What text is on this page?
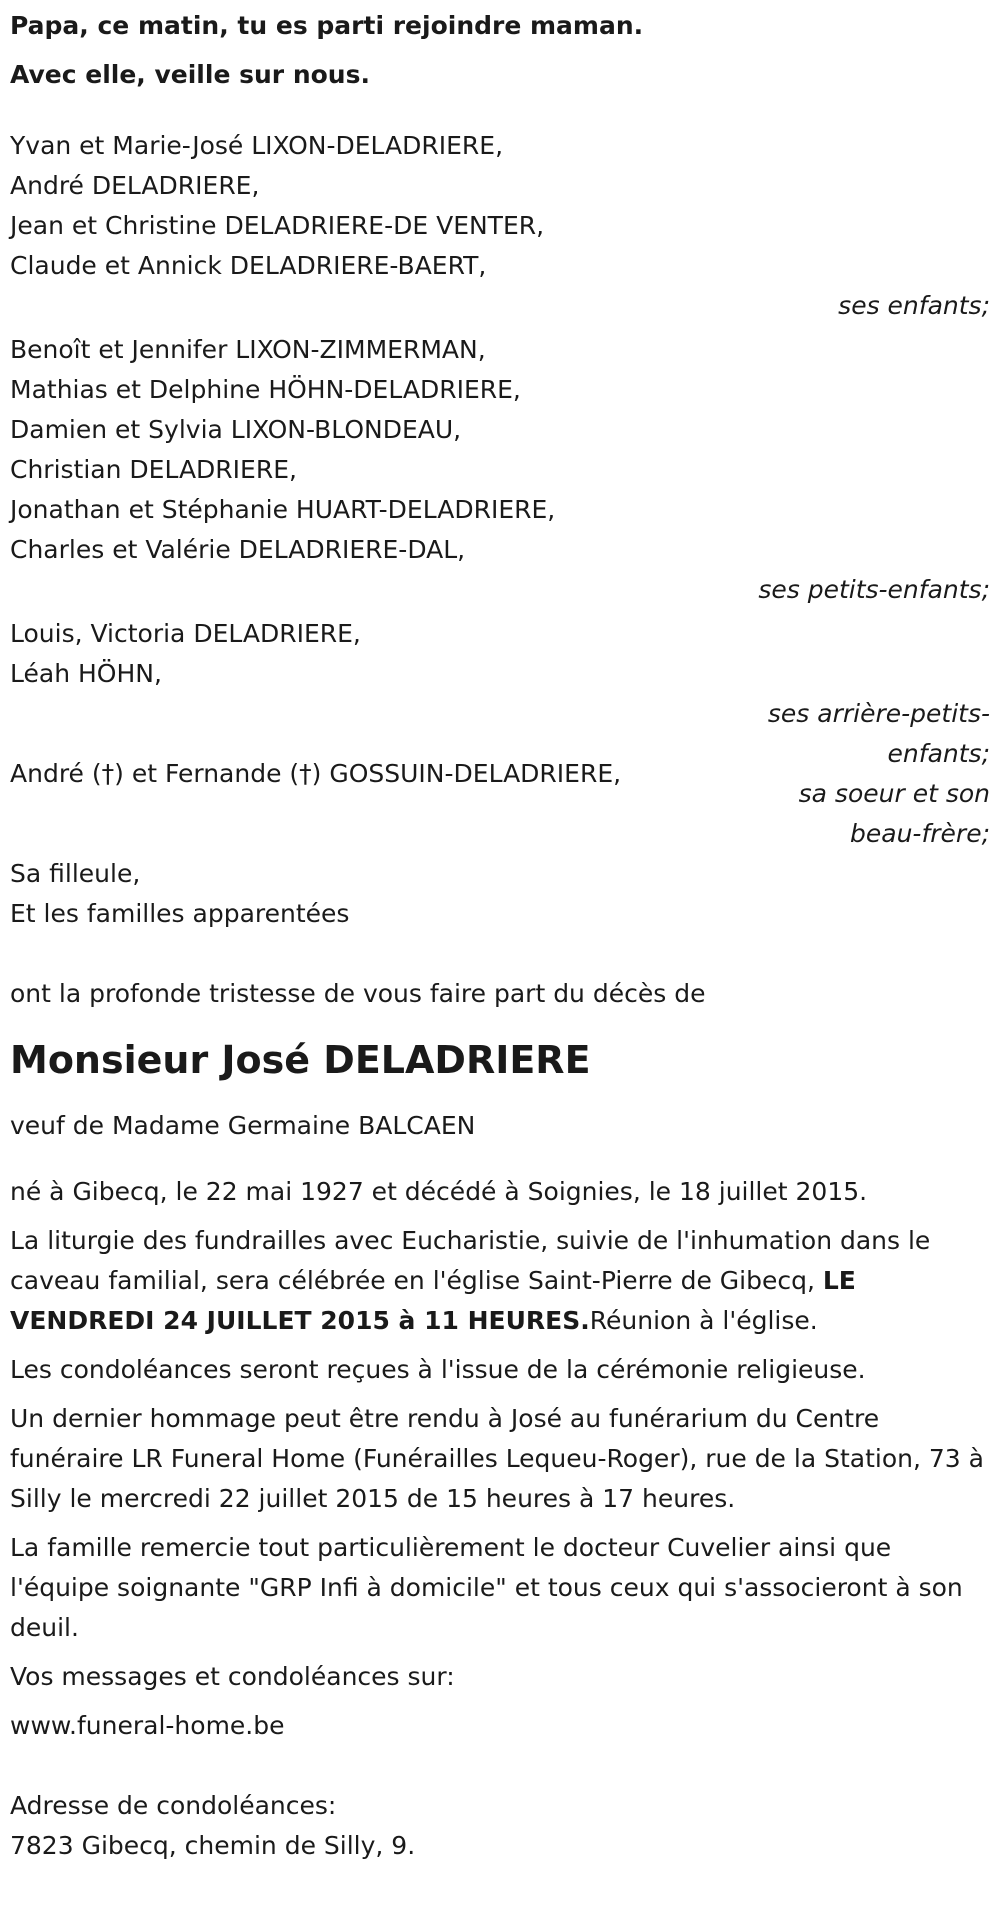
Papa, ce matin, tu es parti rejoindre maman.
Avec elle, veille sur nous.
Yvan et Marie-José LIXON-DELADRIERE,
André DELADRIERE,
Jean et Christine DELADRIERE-DE VENTER,
Claude et Annick DELADRIERE-BAERT,
ses enfants;
Benoît et Jennifer LIXON-ZIMMERMAN,
Mathias et Delphine HÖHN-DELADRIERE,
Damien et Sylvia LIXON-BLONDEAU,
Christian DELADRIERE,
Jonathan et Stéphanie HUART-DELADRIERE,
Charles et Valérie DELADRIERE-DAL,
ses petits-enfants;
Louis, Victoria DELADRIERE,
Léah HÖHN,
ses arrière-petits-
enfants;
André (†) et Fernande (†) GOSSUIN-DELADRIERE,
sa soeur et son
beau-frère;
Sa filleule,
Et les familles apparentées
ont la profonde tristesse de vous faire part du décès de
Monsieur José DELADRIERE
veuf de Madame Germaine BALCAEN
né à Gibecq, le 22 mai 1927 et décédé à Soignies, le 18 juillet 2015.
La liturgie des fundrailles avec Eucharistie, suivie de l'inhumation dans le caveau familial, sera célébrée en l'église Saint-Pierre de Gibecq, LE VENDREDI 24 JUILLET 2015 à 11 HEURES.Réunion à l'église.
Les condoléances seront reçues à l'issue de la cérémonie religieuse.
Un dernier hommage peut être rendu à José au funérarium du Centre funéraire LR Funeral Home (Funérailles Lequeu-Roger), rue de la Station, 73 à Silly le mercredi 22 juillet 2015 de 15 heures à 17 heures.
La famille remercie tout particulièrement le docteur Cuvelier ainsi que l'équipe soignante "GRP Infi à domicile" et tous ceux qui s'associeront à son deuil.
Vos messages et condoléances sur:
www.funeral-home.be
Adresse de condoléances:
7823 Gibecq, chemin de Silly, 9.
